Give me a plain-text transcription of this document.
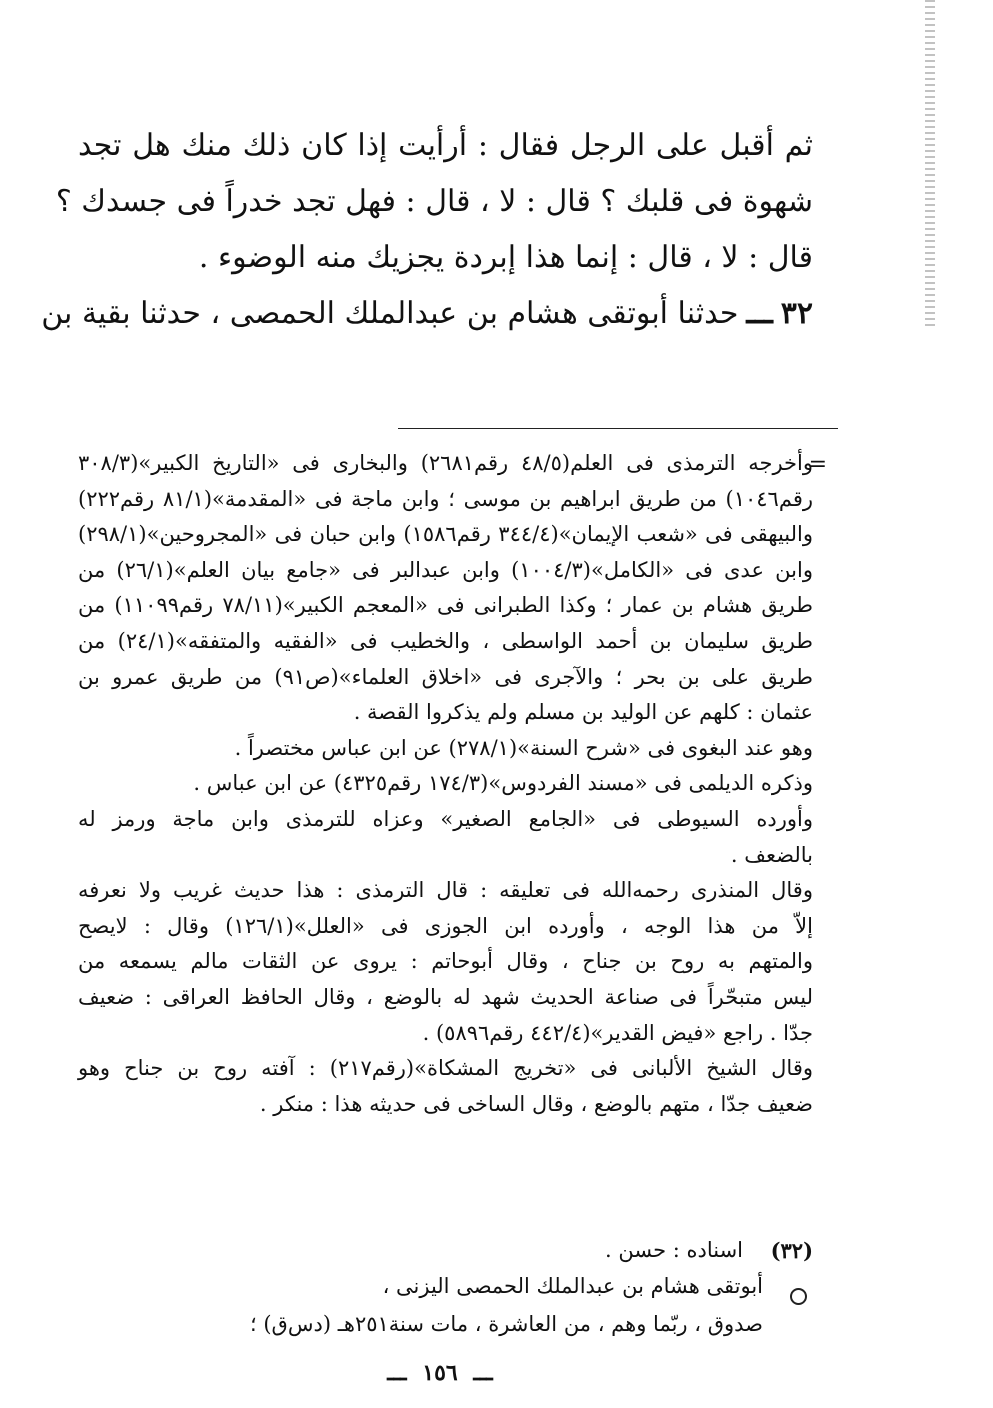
ثم أقبل على الرجل فقال : أرأيت إذا كان ذلك منك هل تجد
شهوة فى قلبك ؟ قال : لا ، قال : فهل تجد خدراً فى جسدك ؟
قال : لا ، قال : إنما هذا إبردة يجزيك منه الوضوء .
٣٢
ـــ
حدثنا أبوتقى هشام بن عبدالملك الحمصى ، حدثنا بقية بن
=
وأخرجه الترمذى فى العلم(٤٨/٥ رقم٢٦٨١) والبخارى فى «التاريخ الكبير»(٣٠٨/٣
رقم١٠٤٦) من طريق ابراهيم بن موسى ؛ وابن ماجة فى «المقدمة»(٨١/١ رقم٢٢٢)
والبيهقى فى «شعب الإيمان»(٣٤٤/٤ رقم١٥٨٦) وابن حبان فى «المجروحين»(٢٩٨/١)
وابن عدى فى «الكامل»(١٠٠٤/٣) وابن عبدالبر فى «جامع بيان العلم»(٢٦/١) من
طريق هشام بن عمار ؛ وكذا الطبرانى فى «المعجم الكبير»(٧٨/١١ رقم١١٠٩٩) من
طريق سليمان بن أحمد الواسطى ، والخطيب فى «الفقيه والمتفقه»(٢٤/١) من
طريق على بن بحر ؛ والآجرى فى «اخلاق العلماء»(ص٩١) من طريق عمرو بن
عثمان : كلهم عن الوليد بن مسلم ولم يذكروا القصة .
وهو عند البغوى فى «شرح السنة»(٢٧٨/١) عن ابن عباس مختصراً .
وذكره الديلمى فى «مسند الفردوس»(١٧٤/٣ رقم٤٣٢٥) عن ابن عباس .
وأورده السيوطى فى «الجامع الصغير» وعزاه للترمذى وابن ماجة ورمز له
بالضعف .
وقال المنذرى رحمه‌الله فى تعليقه : قال الترمذى : هذا حديث غريب ولا نعرفه
إلاّ من هذا الوجه ، وأورده ابن الجوزى فى «العلل»(١٢٦/١) وقال : لايصح
والمتهم به روح بن جناح ، وقال أبوحاتم : يروى عن الثقات مالم يسمعه من
ليس متبحّراً فى صناعة الحديث شهد له بالوضع ، وقال الحافظ العراقى : ضعيف
جدّا . راجع «فيض القدير»(٤٤٢/٤ رقم٥٨٩٦) .
وقال الشيخ الألبانى فى «تخريج المشكاة»(رقم٢١٧) : آفته روح بن جناح وهو
ضعيف جدّا ، متهم بالوضع ، وقال الساخى فى حديثه هذا : منكر .
(٣٢)
اسناده : حسن .
أبوتقى هشام بن عبدالملك الحمصى اليزنى ،
صدوق ، ربّما وهم ، من العاشرة ، مات سنة٢٥١هـ (دس‌ق) ؛
ـــ ١٥٦ ـــ
